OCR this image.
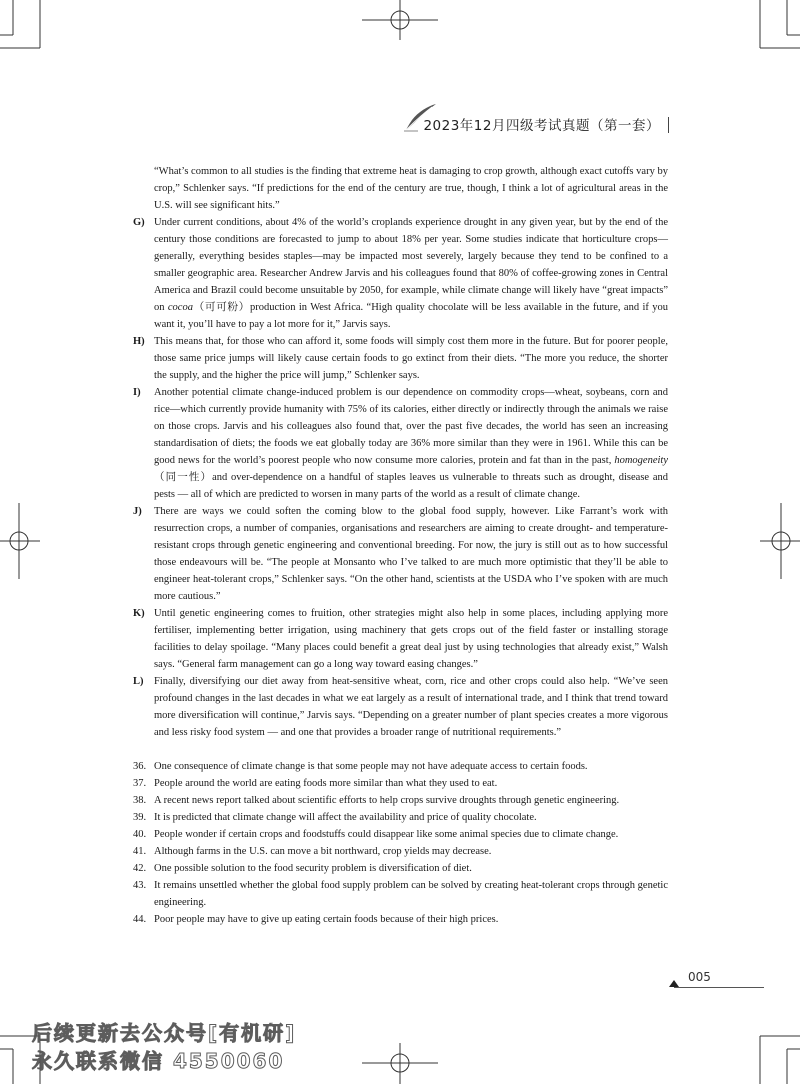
2023年12月四级考试真题（第一套）

“What’s common to all studies is the finding that extreme heat is damaging to crop growth, although exact cutoffs vary by crop,” Schlenker says. “If predictions for the end of the century are true, though, I think a lot of agricultural areas in the U.S. will see significant hits.”

G) Under current conditions, about 4% of the world’s croplands experience drought in any given year, but by the end of the century those conditions are forecasted to jump to about 18% per year. Some studies indicate that horticulture crops—generally, everything besides staples—may be impacted most severely, largely because they tend to be confined to a smaller geographic area. Researcher Andrew Jarvis and his colleagues found that 80% of coffee-growing zones in Central America and Brazil could become unsuitable by 2050, for example, while climate change will likely have “great impacts” on cocoa（可可粉）production in West Africa. “High quality chocolate will be less available in the future, and if you want it, you’ll have to pay a lot more for it,” Jarvis says.

H) This means that, for those who can afford it, some foods will simply cost them more in the future. But for poorer people, those same price jumps will likely cause certain foods to go extinct from their diets. “The more you reduce, the shorter the supply, and the higher the price will jump,” Schlenker says.

I) Another potential climate change-induced problem is our dependence on commodity crops—wheat, soybeans, corn and rice—which currently provide humanity with 75% of its calories, either directly or indirectly through the animals we raise on those crops. Jarvis and his colleagues also found that, over the past five decades, the world has seen an increasing standardisation of diets; the foods we eat globally today are 36% more similar than they were in 1961. While this can be good news for the world’s poorest people who now consume more calories, protein and fat than in the past, homogeneity（同一性）and over-dependence on a handful of staples leaves us vulnerable to threats such as drought, disease and pests — all of which are predicted to worsen in many parts of the world as a result of climate change.

J) There are ways we could soften the coming blow to the global food supply, however. Like Farrant’s work with resurrection crops, a number of companies, organisations and researchers are aiming to create drought- and temperature-resistant crops through genetic engineering and conventional breeding. For now, the jury is still out as to how successful those endeavours will be. “The people at Monsanto who I’ve talked to are much more optimistic that they’ll be able to engineer heat-tolerant crops,” Schlenker says. “On the other hand, scientists at the USDA who I’ve spoken with are much more cautious.”

K) Until genetic engineering comes to fruition, other strategies might also help in some places, including applying more fertiliser, implementing better irrigation, using machinery that gets crops out of the field faster or installing storage facilities to delay spoilage. “Many places could benefit a great deal just by using technologies that already exist,” Walsh says. “General farm management can go a long way toward easing changes.”

L) Finally, diversifying our diet away from heat-sensitive wheat, corn, rice and other crops could also help. “We’ve seen profound changes in the last decades in what we eat largely as a result of international trade, and I think that trend toward more diversification will continue,” Jarvis says. “Depending on a greater number of plant species creates a more vigorous and less risky food system — and one that provides a broader range of nutritional requirements.”

36. One consequence of climate change is that some people may not have adequate access to certain foods.

37. People around the world are eating foods more similar than what they used to eat.

38. A recent news report talked about scientific efforts to help crops survive droughts through genetic engineering.

39. It is predicted that climate change will affect the availability and price of quality chocolate.

40. People wonder if certain crops and foodstuffs could disappear like some animal species due to climate change.

41. Although farms in the U.S. can move a bit northward, crop yields may decrease.

42. One possible solution to the food security problem is diversification of diet.

43. It remains unsettled whether the global food supply problem can be solved by creating heat-tolerant crops through genetic engineering.

44. Poor people may have to give up eating certain foods because of their high prices.

005
后续更新去公众号[有机研]
永久联系微信 4550060
